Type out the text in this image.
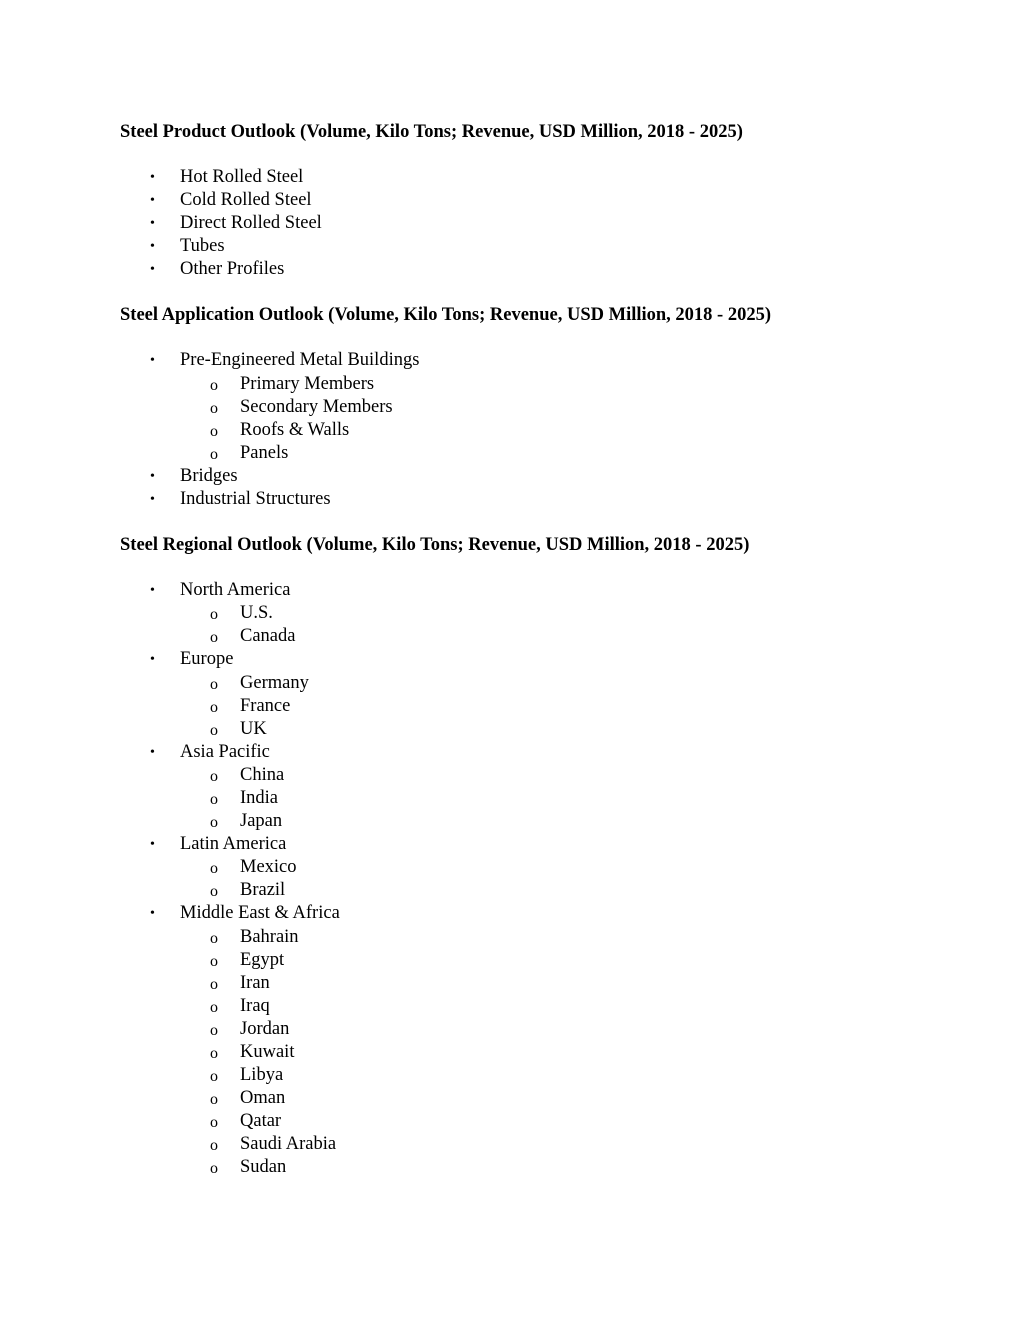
Steel Product Outlook (Volume, Kilo Tons; Revenue, USD Million, 2018 - 2025)
•	Hot Rolled Steel
•	Cold Rolled Steel
•	Direct Rolled Steel
•	Tubes
•	Other Profiles
Steel Application Outlook (Volume, Kilo Tons; Revenue, USD Million, 2018 - 2025)
•	Pre-Engineered Metal Buildings
o Primary Members
o Secondary Members
o Roofs & Walls
o Panels
•	Bridges
•	Industrial Structures
Steel Regional Outlook (Volume, Kilo Tons; Revenue, USD Million, 2018 - 2025)
•	North America
o U.S.
o Canada
•	Europe
o Germany
o France
o UK
•	Asia Pacific
o China
o India
o Japan
•	Latin America
o Mexico
o Brazil
•	Middle East & Africa
o Bahrain
o Egypt
o Iran
o Iraq
o Jordan
o Kuwait
o Libya
o Oman
o Qatar
o Saudi Arabia
o Sudan
